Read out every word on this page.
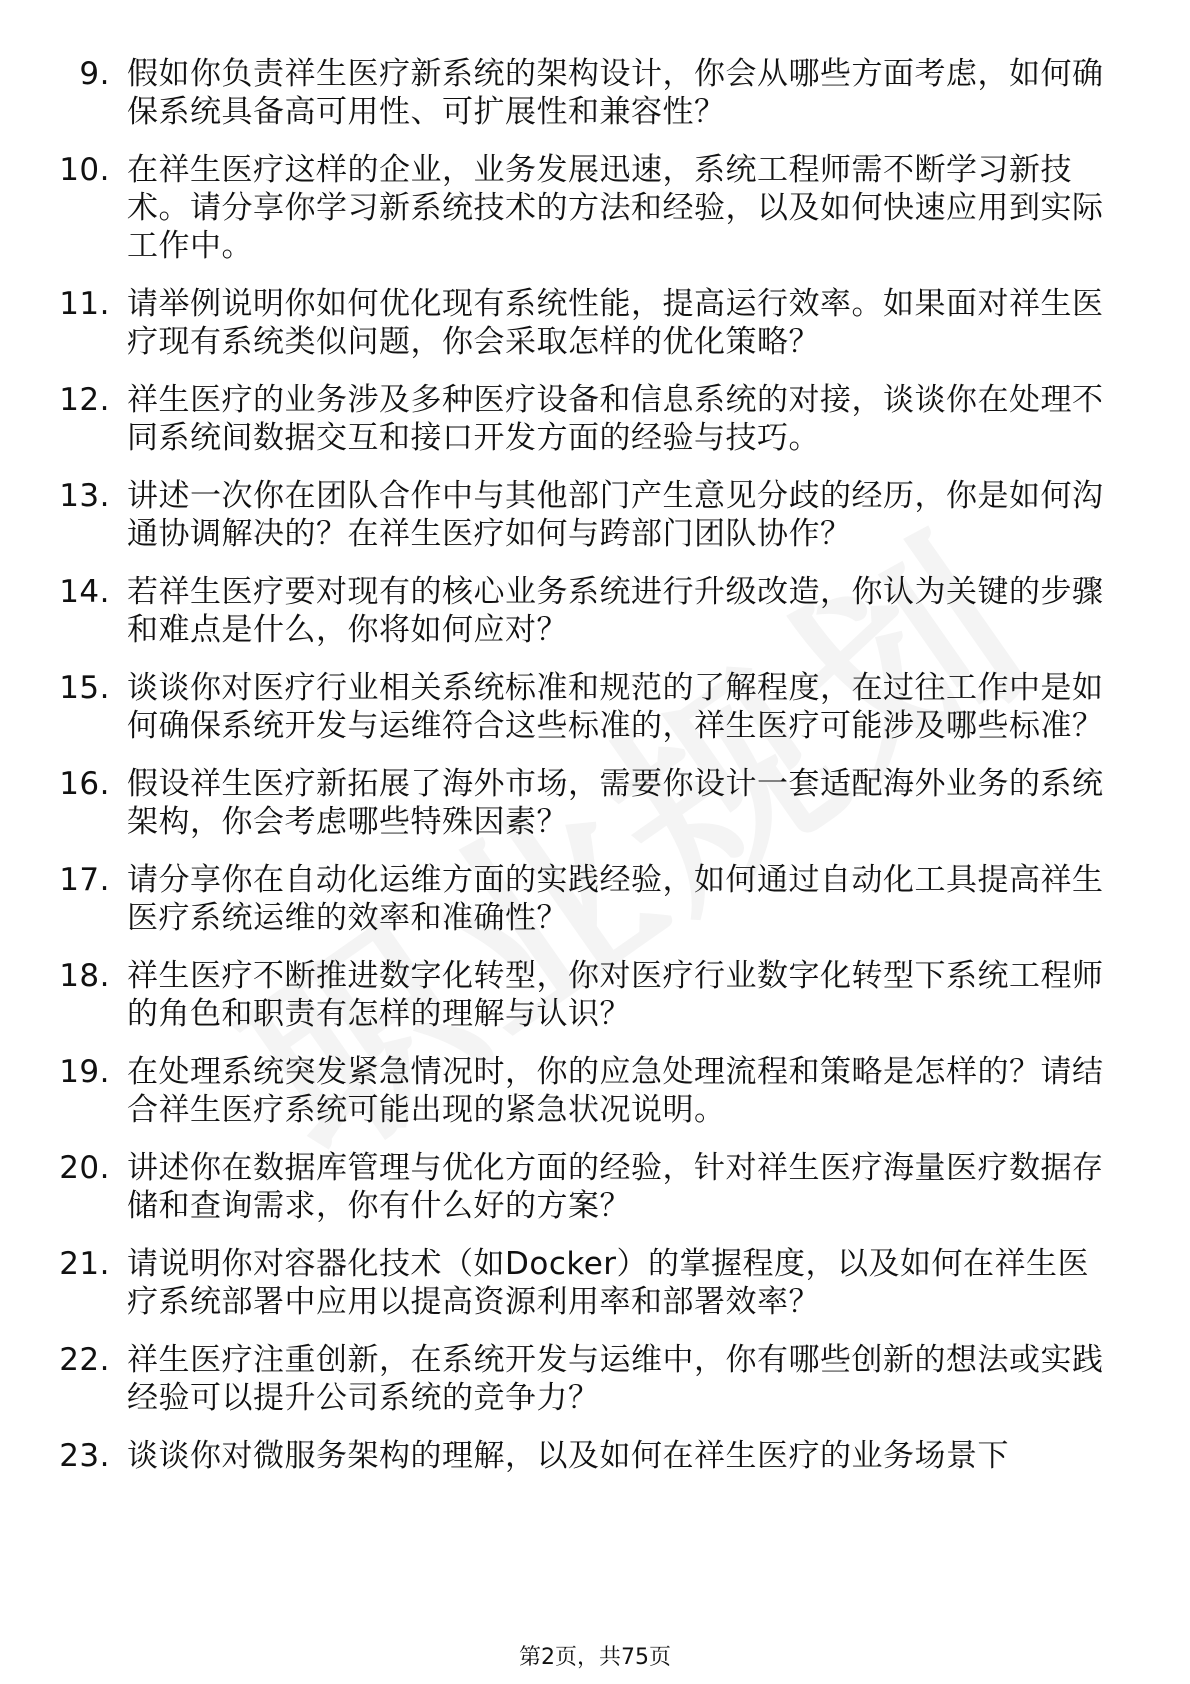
9. 假如你负责祥生医疗新系统的架构设计，你会从哪些方面考虑，如何确保系统具备高可用性、可扩展性和兼容性？
10. 在祥生医疗这样的企业，业务发展迅速，系统工程师需不断学习新技术。请分享你学习新系统技术的方法和经验，以及如何快速应用到实际工作中。
11. 请举例说明你如何优化现有系统性能，提高运行效率。如果面对祥生医疗现有系统类似问题，你会采取怎样的优化策略？
12. 祥生医疗的业务涉及多种医疗设备和信息系统的对接，谈谈你在处理不同系统间数据交互和接口开发方面的经验与技巧。
13. 讲述一次你在团队合作中与其他部门产生意见分歧的经历，你是如何沟通协调解决的？在祥生医疗如何与跨部门团队协作？
14. 若祥生医疗要对现有的核心业务系统进行升级改造，你认为关键的步骤和难点是什么，你将如何应对？
15. 谈谈你对医疗行业相关系统标准和规范的了解程度，在过往工作中是如何确保系统开发与运维符合这些标准的，祥生医疗可能涉及哪些标准？
16. 假设祥生医疗新拓展了海外市场，需要你设计一套适配海外业务的系统架构，你会考虑哪些特殊因素？
17. 请分享你在自动化运维方面的实践经验，如何通过自动化工具提高祥生医疗系统运维的效率和准确性？
18. 祥生医疗不断推进数字化转型，你对医疗行业数字化转型下系统工程师的角色和职责有怎样的理解与认识？
19. 在处理系统突发紧急情况时，你的应急处理流程和策略是怎样的？请结合祥生医疗系统可能出现的紧急状况说明。
20. 讲述你在数据库管理与优化方面的经验，针对祥生医疗海量医疗数据存储和查询需求，你有什么好的方案？
21. 请说明你对容器化技术（如Docker）的掌握程度，以及如何在祥生医疗系统部署中应用以提高资源利用率和部署效率？
22. 祥生医疗注重创新，在系统开发与运维中，你有哪些创新的想法或实践经验可以提升公司系统的竞争力？
23. 谈谈你对微服务架构的理解，以及如何在祥生医疗的业务场景下
第2页，共75页
